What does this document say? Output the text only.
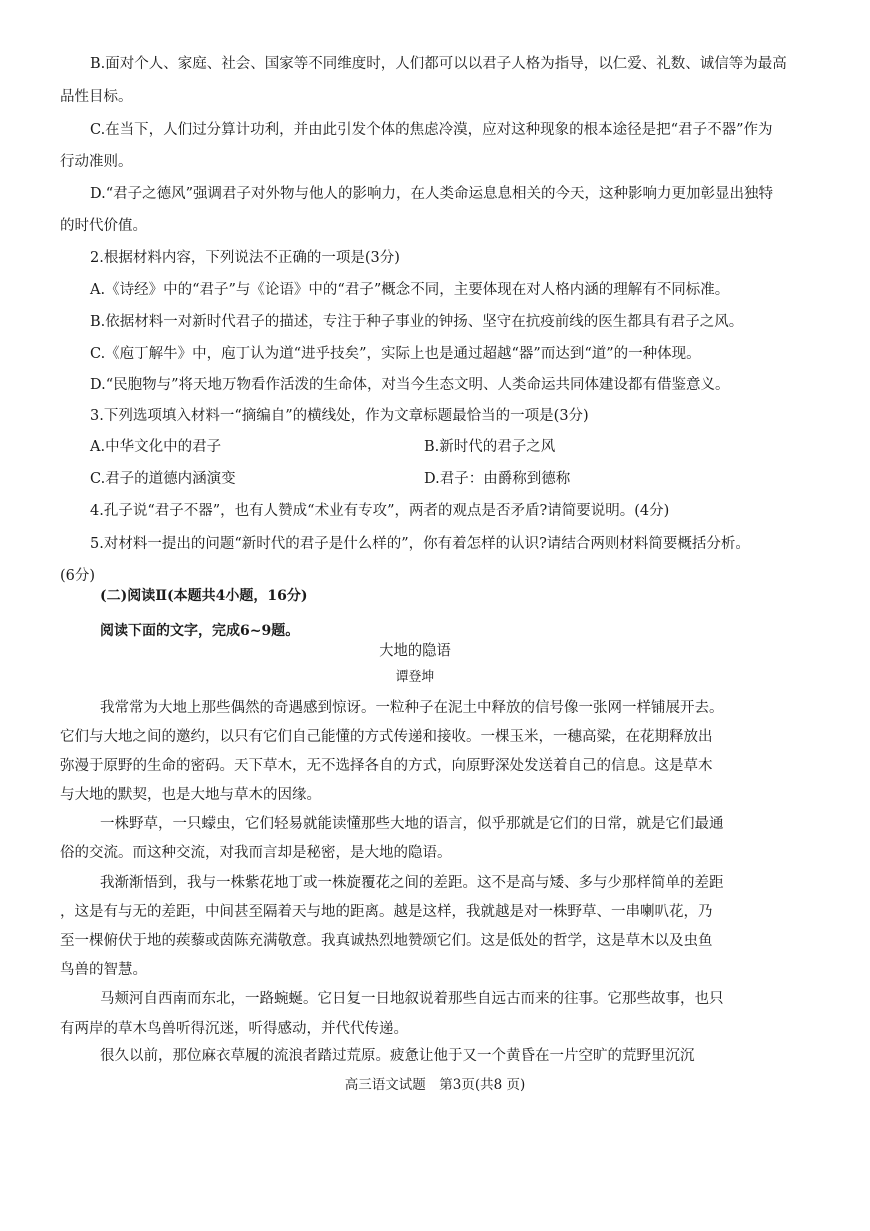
B.面对个人、家庭、社会、国家等不同维度时，人们都可以以君子人格为指导，以仁爱、礼数、诚信等为最高
品性目标。
C.在当下，人们过分算计功利，并由此引发个体的焦虑冷漠，应对这种现象的根本途径是把“君子不器”作为
行动准则。
D.“君子之德风”强调君子对外物与他人的影响力，在人类命运息息相关的今天，这种影响力更加彰显出独特
的时代价值。
2.根据材料内容，下列说法不正确的一项是(3分)
A.《诗经》中的“君子”与《论语》中的“君子”概念不同，主要体现在对人格内涵的理解有不同标准。
B.依据材料一对新时代君子的描述，专注于种子事业的钟扬、坚守在抗疫前线的医生都具有君子之风。
C.《庖丁解牛》中，庖丁认为道“进乎技矣”，实际上也是通过超越“器”而达到“道”的一种体现。
D.“民胞物与”将天地万物看作活泼的生命体，对当今生态文明、人类命运共同体建设都有借鉴意义。
3.下列选项填入材料一“摘编自”的横线处，作为文章标题最恰当的一项是(3分)
A.中华文化中的君子	B.新时代的君子之风
C.君子的道德内涵演变	D.君子：由爵称到德称
4.孔子说“君子不器”，也有人赞成“术业有专攻”，两者的观点是否矛盾?请简要说明。(4分)
5.对材料一提出的问题“新时代的君子是什么样的”，你有着怎样的认识?请结合两则材料简要概括分析。
(6分)
(二)阅读Ⅱ(本题共4小题，16分)
阅读下面的文字，完成6~9题。
大地的隐语
谭登坤
我常常为大地上那些偶然的奇遇感到惊讶。一粒种子在泥土中释放的信号像一张网一样铺展开去。
它们与大地之间的邀约，以只有它们自己能懂的方式传递和接收。一棵玉米，一穗高粱，在花期释放出
弥漫于原野的生命的密码。天下草木，无不选择各自的方式，向原野深处发送着自己的信息。这是草木
与大地的默契，也是大地与草木的因缘。
一株野草，一只蠓虫，它们轻易就能读懂那些大地的语言，似乎那就是它们的日常，就是它们最通
俗的交流。而这种交流，对我而言却是秘密，是大地的隐语。
我渐渐悟到，我与一株紫花地丁或一株旋覆花之间的差距。这不是高与矮、多与少那样简单的差距
，这是有与无的差距，中间甚至隔着天与地的距离。越是这样，我就越是对一株野草、一串喇叭花，乃
至一棵俯伏于地的蒺藜或茵陈充满敬意。我真诚热烈地赞颂它们。这是低处的哲学，这是草木以及虫鱼
鸟兽的智慧。
马颊河自西南而东北，一路蜿蜒。它日复一日地叙说着那些自远古而来的往事。它那些故事，也只
有两岸的草木鸟兽听得沉迷，听得感动，并代代传递。
很久以前，那位麻衣草履的流浪者踏过荒原。疲惫让他于又一个黄昏在一片空旷的荒野里沉沉
高三语文试题　第3页(共8 页)
